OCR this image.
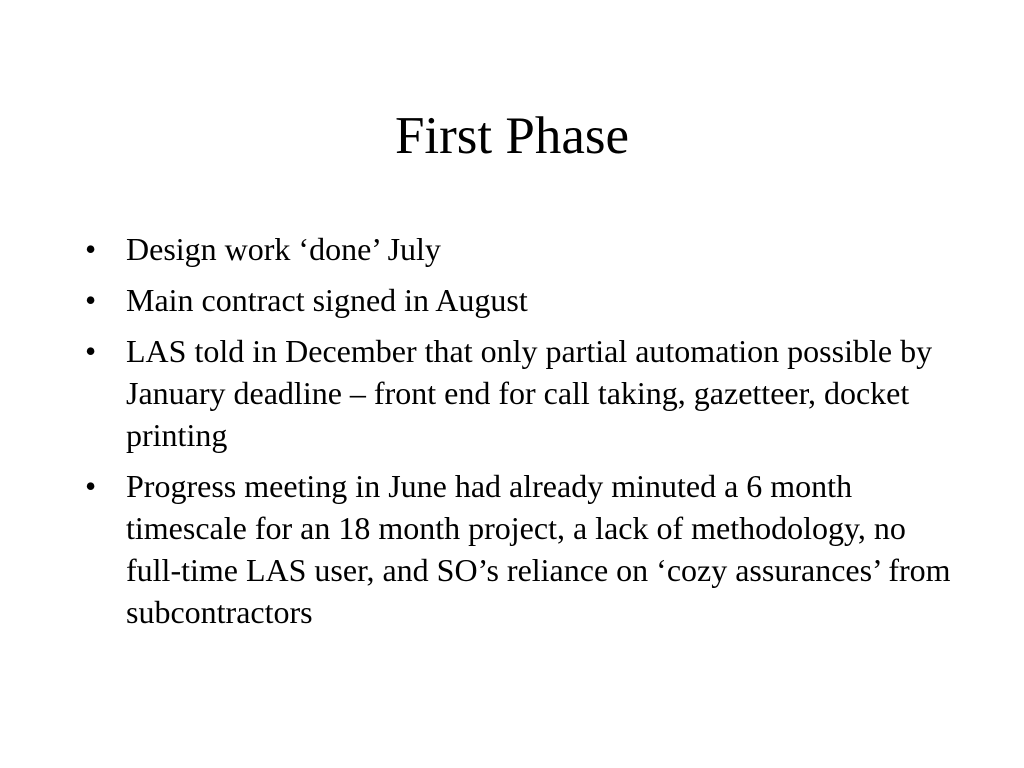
First Phase
• Design work ‘done’ July
• Main contract signed in August
• LAS told in December that only partial automation possible by January deadline – front end for call taking, gazetteer, docket printing
• Progress meeting in June had already minuted a 6 month timescale for an 18 month project, a lack of methodology, no full-time LAS user, and SO’s reliance on ‘cozy assurances’ from subcontractors
